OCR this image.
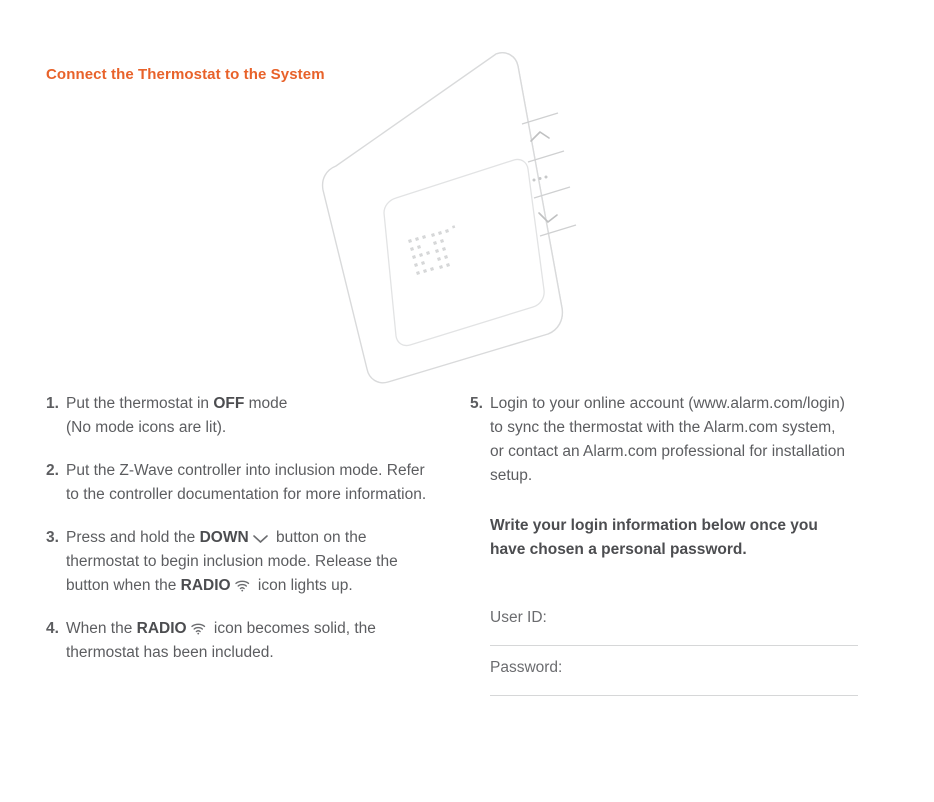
Connect the Thermostat to the System
1. Put the thermostat in OFF mode
(No mode icons are lit).
2. Put the Z-Wave controller into inclusion mode. Refer to the controller documentation for more information.
3. Press and hold the DOWN
button on the thermostat to begin inclusion mode. Release the button when the RADIO
icon lights up.
4. When the RADIO
icon becomes solid, the thermostat has been included.
5. Login to your online account (www.alarm.com/login) to sync the thermostat with the Alarm.com system, or contact an Alarm.com professional for installation setup.
Write your login information below once you have chosen a personal password.
User ID:
Password:
